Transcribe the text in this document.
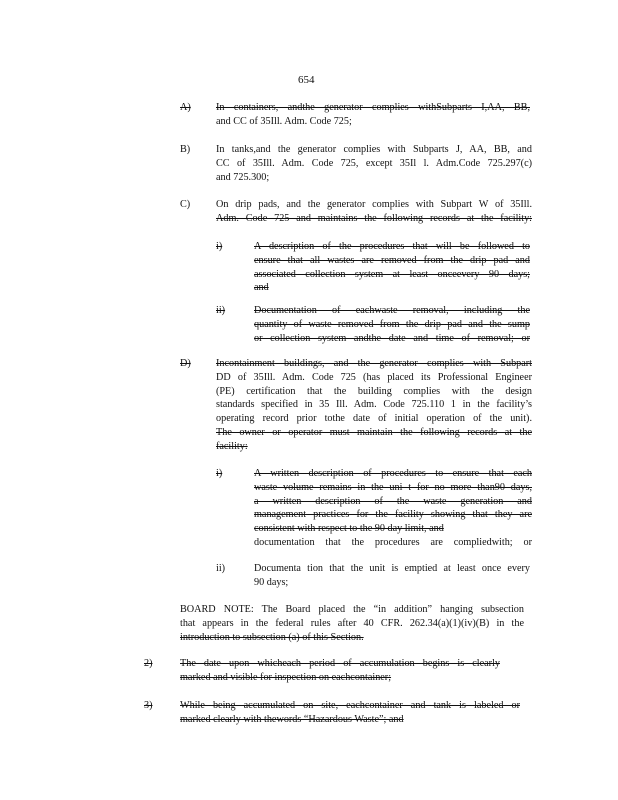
654
A) In containers, andthe generator complies withSubparts I,AA, BB,
and CC of 35Ill. Adm. Code 725;
B)	In tanks,and the generator complies with Subparts J, AA, BB, and
CC of 35Ill. Adm. Code 725, except 35Il l. Adm.Code 725.297(c)
and 725.300;
C)	On drip pads, and the generator complies with Subpart W of 35Ill.
Adm. Code 725 and maintains the following records at the facility:
i)	A description of the procedures that will be followed to
ensure that all wastes are removed from the drip pad and
associated collection system at least onceevery 90 days;
and
ii)	Documentation of eachwaste removal, including the
quantity of waste removed from the drip pad and the sump
or collection system andthe date and time of removal; or
D) Incontainment buildings, and the generator complies with Subpart
DD of 35Ill. Adm. Code 725 (has placed its Professional Engineer
(PE) certification that the building complies with the design
standards specified in 35 Ill. Adm. Code 725.110 1 in the facility’s
operating record prior tothe date of initial operation of the unit).
The owner or operator must maintain the following records at the
facility:
i)	A written description of procedures to ensure that each
waste volume remains in the uni t for no more than90 days,
a written description of the waste generation and
management practices for the facility showing that they are
consistent with respect to the 90 day limit, and
documentation that the procedures are compliedwith; or
ii)	Documenta tion that the unit is emptied at least once every
90 days;
BOARD NOTE: The Board placed the “in addition” hanging subsection
that appears in the federal rules after 40 CFR. 262.34(a)(1)(iv)(B) in the
introduction to subsection (a) of this Section.
2)	The date upon whicheach period of accumulation begins is clearly
marked and visible for inspection on eachcontainer;
3)	While being accumulated on site, eachcontainer and tank is labeled or
marked clearly with thewords “Hazardous Waste”; and
